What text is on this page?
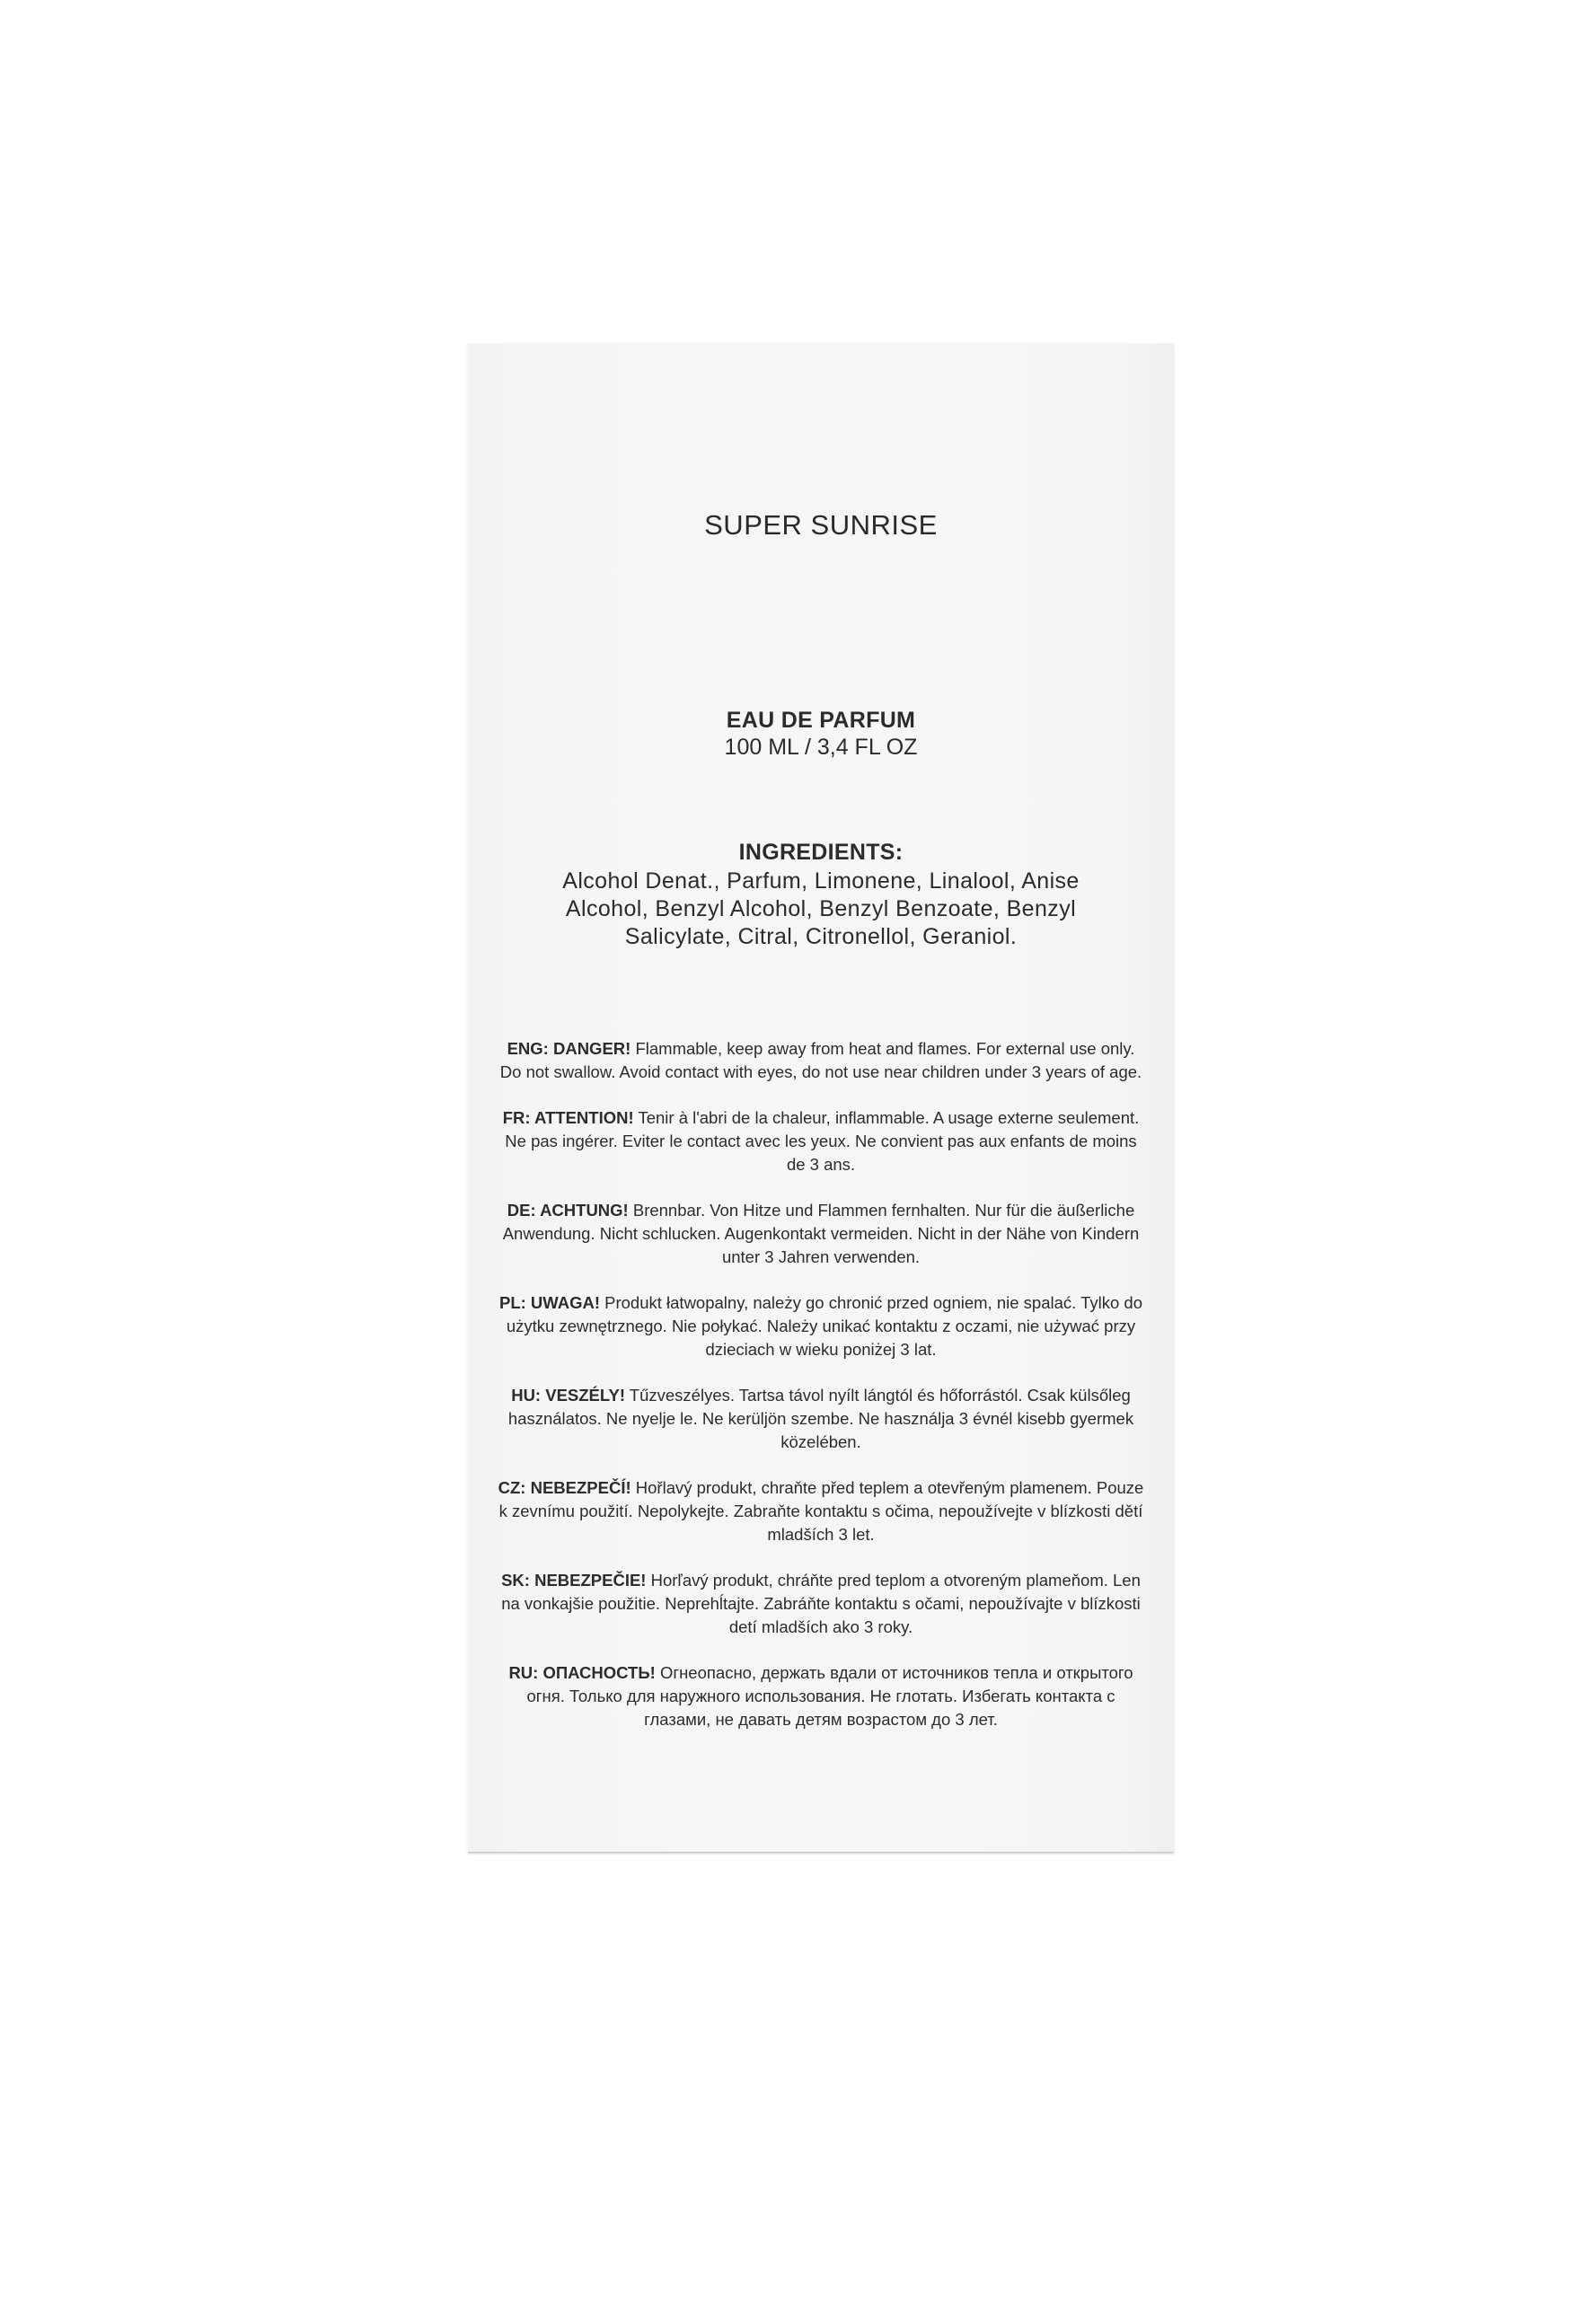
SUPER SUNRISE
EAU DE PARFUM
100 ML / 3,4 FL OZ
INGREDIENTS:
Alcohol Denat., Parfum, Limonene, Linalool, Anise Alcohol, Benzyl Alcohol, Benzyl Benzoate, Benzyl Salicylate, Citral, Citronellol, Geraniol.
ENG: DANGER! Flammable, keep away from heat and flames. For external use only. Do not swallow. Avoid contact with eyes, do not use near children under 3 years of age.
FR: ATTENTION! Tenir à l'abri de la chaleur, inflammable. A usage externe seulement. Ne pas ingérer. Eviter le contact avec les yeux. Ne convient pas aux enfants de moins de 3 ans.
DE: ACHTUNG! Brennbar. Von Hitze und Flammen fernhalten. Nur für die äußerliche Anwendung. Nicht schlucken. Augenkontakt vermeiden. Nicht in der Nähe von Kindern unter 3 Jahren verwenden.
PL: UWAGA! Produkt łatwopalny, należy go chronić przed ogniem, nie spalać. Tylko do użytku zewnętrznego. Nie połykać. Należy unikać kontaktu z oczami, nie używać przy dzieciach w wieku poniżej 3 lat.
HU: VESZÉLY! Tűzveszélyes. Tartsa távol nyílt lángtól és hőforrástól. Csak külsőleg használatos. Ne nyelje le. Ne kerüljön szembe. Ne használja 3 évnél kisebb gyermek közelében.
CZ: NEBEZPEČÍ! Hořlavý produkt, chraňte před teplem a otevřeným plamenem. Pouze k zevnímu použití. Nepolykejte. Zabraňte kontaktu s očima, nepoužívejte v blízkosti dětí mladších 3 let.
SK: NEBEZPEČIE! Horľavý produkt, chráňte pred teplom a otvoreným plameňom. Len na vonkajšie použitie. Neprehĺtajte. Zabráňte kontaktu s očami, nepoužívajte v blízkosti detí mladších ako 3 roky.
RU: ОПАСНОСТЬ! Огнеопасно, держать вдали от источников тепла и открытого огня. Только для наружного использования. Не глотать. Избегать контакта с глазами, не давать детям возрастом до 3 лет.
